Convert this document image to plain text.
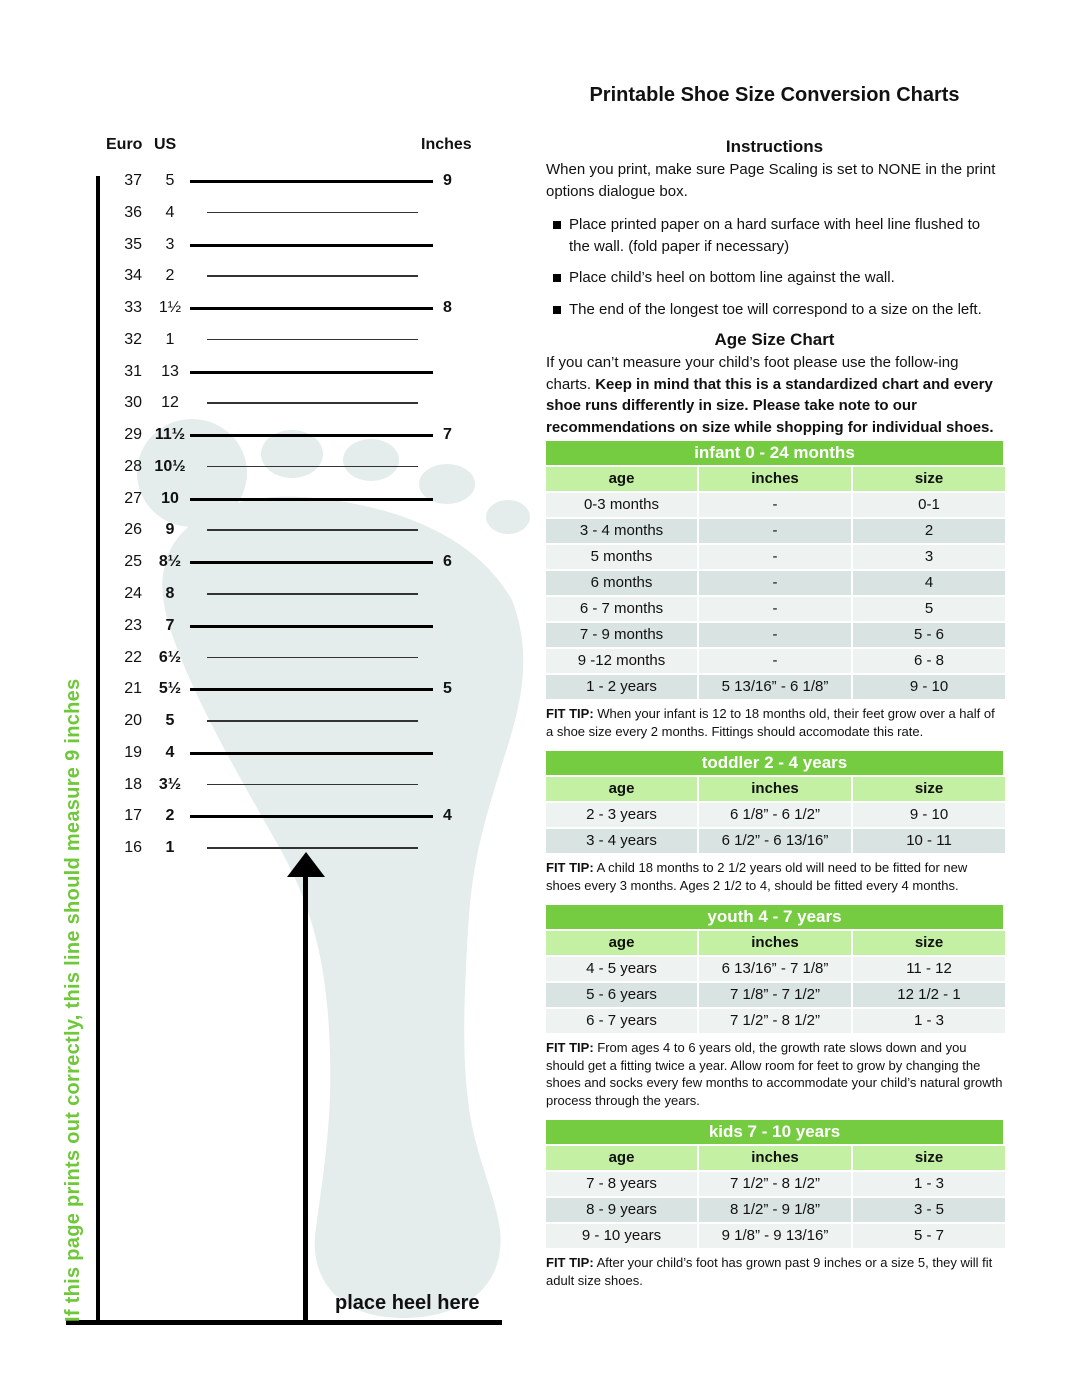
Euro US	Inches
37	5	9
36	4
35	3
34	2
33	1½	8
32	1
31	13
30	12
29 11½	7
28 10½
27	10
26	9
25	8½	6
24	8
23	7
22	6½
21	5½	5
20	5
19	4
18	3½
17	2	4
16	1
place heel here
If this page prints out correctly, this line should measure 9 inches
Printable Shoe Size Conversion Charts
Instructions

When you print, make sure Page Scaling is set to NONE in the print options dialogue box.

Place printed paper on a hard surface with heel line flushed to the wall. (fold paper if necessary)
Place child’s heel on bottom line against the wall.
The end of the longest toe will correspond to a size on the left.
Age Size Chart

If you can’t measure your child’s foot please use the follow-ing charts. Keep in mind that this is a standardized chart and every shoe runs differently in size. Please take note to our recommendations on size while shopping for individual shoes.

infant 0 - 24 months
age	inches	size
0-3 months	-	0-1
3 - 4 months	-	2
5 months	-	3
6 months	-	4
6 - 7 months	-	5
7 - 9 months	-	5 - 6
9 -12 months	-	6 - 8
1 - 2 years	5 13/16” - 6 1/8”	9 - 10

FIT TIP: When your infant is 12 to 18 months old, their feet grow over a half of a shoe size every 2 months. Fittings should accomodate this rate.

toddler 2 - 4 years
age	inches	size
2 - 3 years	6 1/8” - 6 1/2”	9 - 10
3 - 4 years	6 1/2” - 6 13/16”	10 - 11

FIT TIP: A child 18 months to 2 1/2 years old will need to be fitted for new shoes every 3 months. Ages 2 1/2 to 4, should be fitted every 4 months.

youth 4 - 7 years
age	inches	size
4 - 5 years	6 13/16” - 7 1/8”	11 - 12
5 - 6 years	7 1/8” - 7 1/2”	12 1/2 - 1
6 - 7 years	7 1/2” - 8 1/2”	1 - 3

FIT TIP: From ages 4 to 6 years old, the growth rate slows down and you should get a fitting twice a year. Allow room for feet to grow by changing the shoes and socks every few months to accommodate your child’s natural growth process through the years.

kids 7 - 10 years
age	inches	size
7 - 8 years	7 1/2” - 8 1/2”	1 - 3
8 - 9 years	8 1/2” - 9 1/8”	3 - 5
9 - 10 years	9 1/8” - 9 13/16”	5 - 7

FIT TIP: After your child’s foot has grown past 9 inches or a size 5, they will fit adult size shoes.
